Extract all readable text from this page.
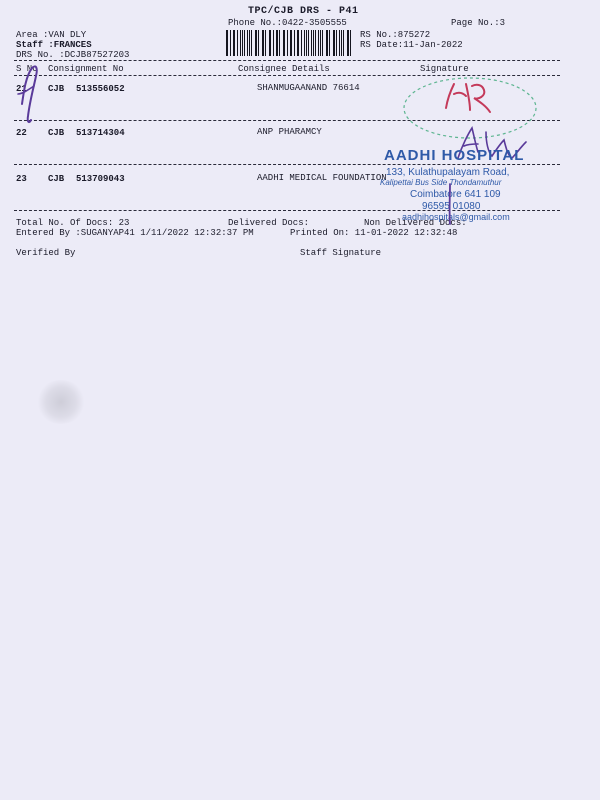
TPC/CJB DRS - P41
Phone No.:0422-3505555	Page No.:3
Area :VAN DLY
Staff :FRANCES
DRS No. :DCJB87527203
RS No.:875272
RS Date:11-Jan-2022
S No Consignment No	Consignee Details	Signature
21 CJB 513556052	SHANMUGAANAND 76614
22 CJB 513714304	ANP PHARAMCY
23 CJB 513709043	AADHI MEDICAL FOUNDATION
Total No. Of Docs: 23	Delivered Docs:	Non Delivered Docs:
Entered By :SUGANYAP41 1/11/2022 12:32:37 PM	Printed On: 11-01-2022 12:32:48
Verified By	Staff Signature
AADHI HOSPITAL
133, Kulathupalayam Road,
Kalipettai Bus Side Thondamuthur
Coimbatore 641 109
96595 01080
aadhihospitals@gmail.com
